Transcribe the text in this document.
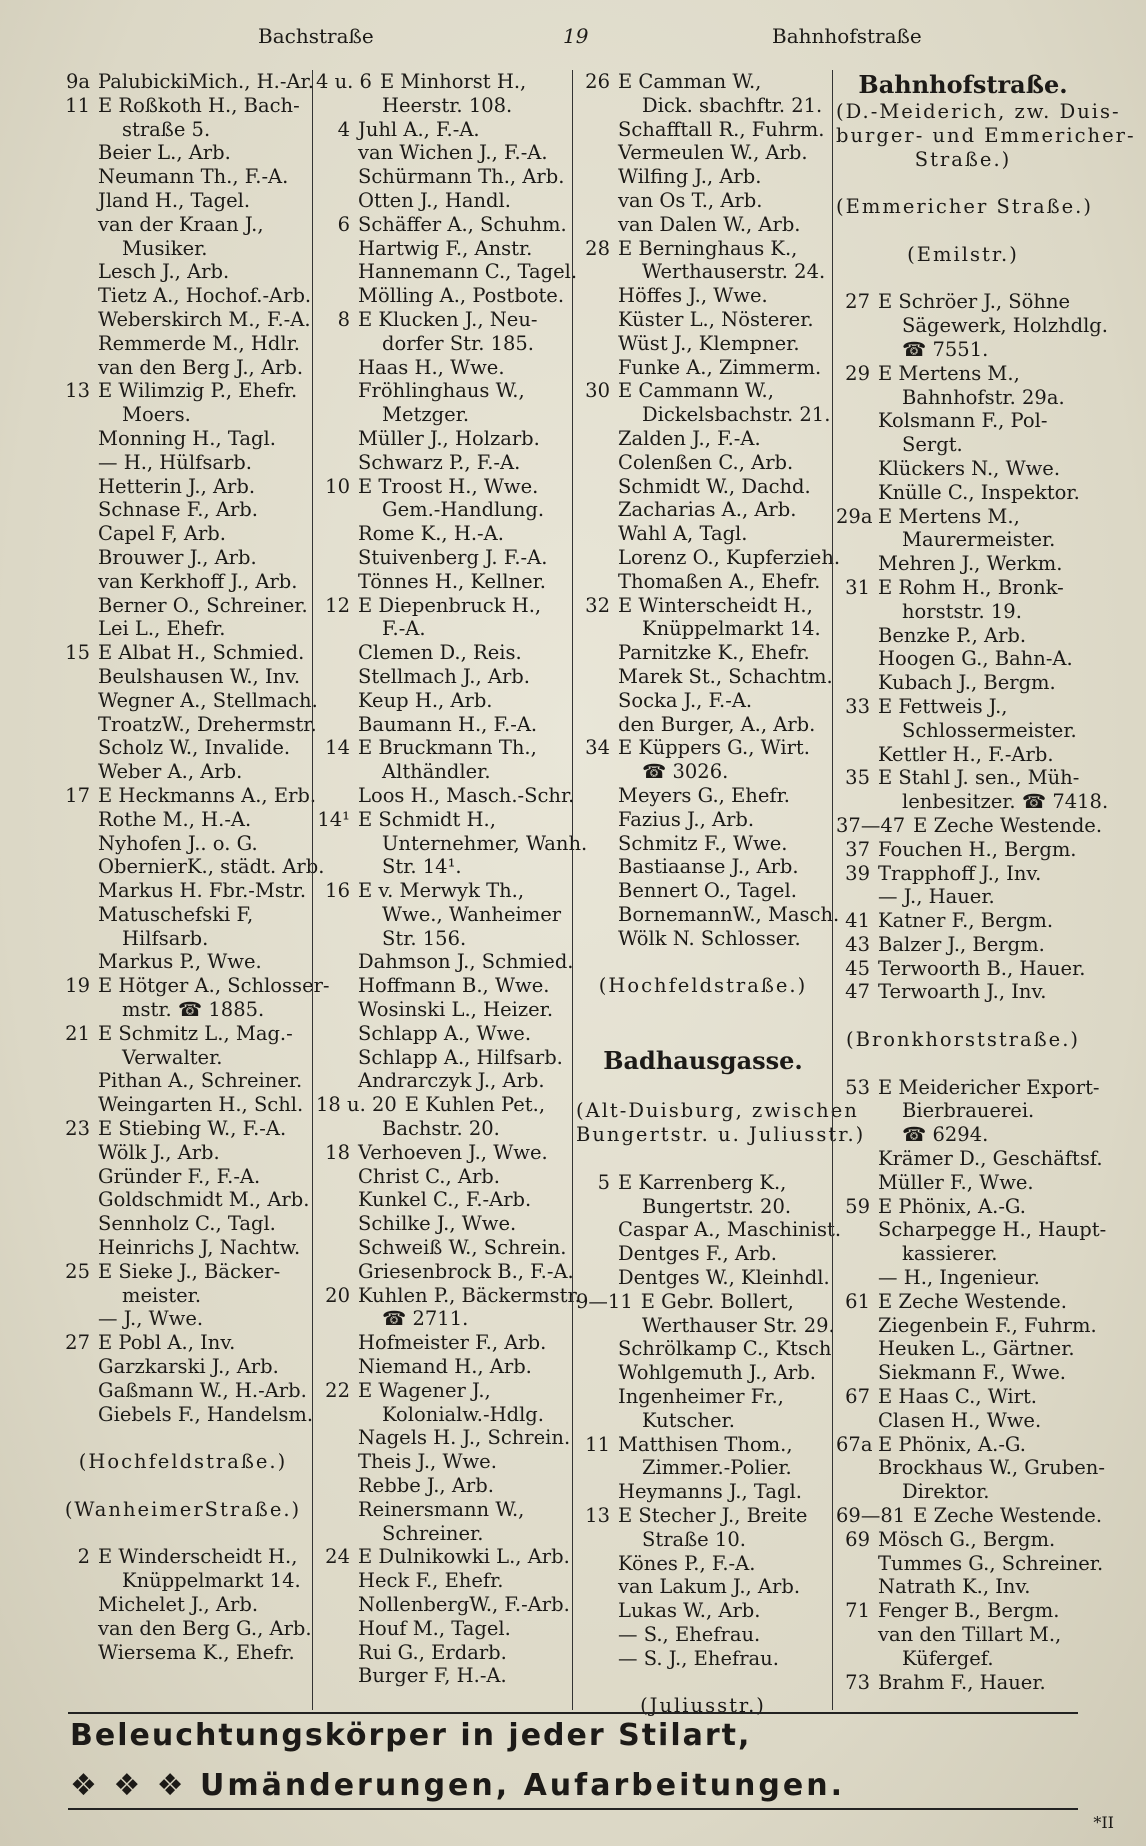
Bachstraße	19	Bahnhofstraße
9a PalubickiMich., H.-Ar.
11 E Roßkoth H., Bach-
straße 5.
Beier L., Arb.
Neumann Th., F.-A.
Jland H., Tagel.
van der Kraan J.,
Musiker.
Lesch J., Arb.
Tietz A., Hochof.-Arb.
Weberskirch M., F.-A.
Remmerde M., Hdlr.
van den Berg J., Arb.
13 E Wilimzig P., Ehefr.
Moers.
Monning H., Tagl.
— H., Hülfsarb.
Hetterin J., Arb.
Schnase F., Arb.
Capel F, Arb.
Brouwer J., Arb.
van Kerkhoff J., Arb.
Berner O., Schreiner.
Lei L., Ehefr.
15 E Albat H., Schmied.
Beulshausen W., Inv.
Wegner A., Stellmach.
TroatzW., Drehermstr.
Scholz W., Invalide.
Weber A., Arb.
17 E Heckmanns A., Erb.
Rothe M., H.-A.
Nyhofen J.. o. G.
ObernierK., städt. Arb.
Markus H. Fbr.-Mstr.
Matuschefski F,
Hilfsarb.
Markus P., Wwe.
19 E Hötger A., Schlosser-
mstr. ☎ 1885.
21 E Schmitz L., Mag.-
Verwalter.
Pithan A., Schreiner.
Weingarten H., Schl.
23 E Stiebing W., F.-A.
Wölk J., Arb.
Gründer F., F.-A.
Goldschmidt M., Arb.
Sennholz C., Tagl.
Heinrichs J, Nachtw.
25 E Sieke J., Bäcker-
meister.
— J., Wwe.
27 E Pobl A., Inv.
Garzkarski J., Arb.
Gaßmann W., H.-Arb.
Giebels F., Handelsm.
(Hochfeldstraße.)
(WanheimerStraße.)
2 E Winderscheidt H.,
Knüppelmarkt 14.
Michelet J., Arb.
van den Berg G., Arb.
Wiersema K., Ehefr.
4 u. 6 E Minhorst H.,
Heerstr. 108.
4 Juhl A., F.-A.
van Wichen J., F.-A.
Schürmann Th., Arb.
Otten J., Handl.
6 Schäffer A., Schuhm.
Hartwig F., Anstr.
Hannemann C., Tagel.
Mölling A., Postbote.
8 E Klucken J., Neu-
dorfer Str. 185.
Haas H., Wwe.
Fröhlinghaus W.,
Metzger.
Müller J., Holzarb.
Schwarz P., F.-A.
10 E Troost H., Wwe.
Gem.-Handlung.
Rome K., H.-A.
Stuivenberg J. F.-A.
Tönnes H., Kellner.
12 E Diepenbruck H.,
F.-A.
Clemen D., Reis.
Stellmach J., Arb.
Keup H., Arb.
Baumann H., F.-A.
14 E Bruckmann Th.,
Althändler.
Loos H., Masch.-Schr.
14¹ E Schmidt H.,
Unternehmer, Wanh.
Str. 14¹.
16 E v. Merwyk Th.,
Wwe., Wanheimer
Str. 156.
Dahmson J., Schmied.
Hoffmann B., Wwe.
Wosinski L., Heizer.
Schlapp A., Wwe.
Schlapp A., Hilfsarb.
Andrarczyk J., Arb.
18 u. 20 E Kuhlen Pet.,
Bachstr. 20.
18 Verhoeven J., Wwe.
Christ C., Arb.
Kunkel C., F.-Arb.
Schilke J., Wwe.
Schweiß W., Schrein.
Griesenbrock B., F.-A.
20 Kuhlen P., Bäckermstr.
☎ 2711.
Hofmeister F., Arb.
Niemand H., Arb.
22 E Wagener J.,
Kolonialw.-Hdlg.
Nagels H. J., Schrein.
Theis J., Wwe.
Rebbe J., Arb.
Reinersmann W.,
Schreiner.
24 E Dulnikowki L., Arb.
Heck F., Ehefr.
NollenbergW., F.-Arb.
Houf M., Tagel.
Rui G., Erdarb.
Burger F, H.-A.
26 E Camman W.,
Dick. sbachftr. 21.
Schafftall R., Fuhrm.
Vermeulen W., Arb.
Wilfing J., Arb.
van Os T., Arb.
van Dalen W., Arb.
28 E Berninghaus K.,
Werthauserstr. 24.
Höffes J., Wwe.
Küster L., Nösterer.
Wüst J., Klempner.
Funke A., Zimmerm.
30 E Cammann W.,
Dickelsbachstr. 21.
Zalden J., F.-A.
Colenßen C., Arb.
Schmidt W., Dachd.
Zacharias A., Arb.
Wahl A, Tagl.
Lorenz O., Kupferzieh.
Thomaßen A., Ehefr.
32 E Winterscheidt H.,
Knüppelmarkt 14.
Parnitzke K., Ehefr.
Marek St., Schachtm.
Socka J., F.-A.
den Burger, A., Arb.
34 E Küppers G., Wirt.
☎ 3026.
Meyers G., Ehefr.
Fazius J., Arb.
Schmitz F., Wwe.
Bastiaanse J., Arb.
Bennert O., Tagel.
BornemannW., Masch.
Wölk N. Schlosser.
(Hochfeldstraße.)
Badhausgasse.
(Alt-Duisburg, zwischen
Bungertstr. u. Juliusstr.)
5 E Karrenberg K.,
Bungertstr. 20.
Caspar A., Maschinist.
Dentges F., Arb.
Dentges W., Kleinhdl.
9—11 E Gebr. Bollert,
Werthauser Str. 29.
Schrölkamp C., Ktsch
Wohlgemuth J., Arb.
Ingenheimer Fr.,
Kutscher.
11 Matthisen Thom.,
Zimmer.-Polier.
Heymanns J., Tagl.
13 E Stecher J., Breite
Straße 10.
Könes P., F.-A.
van Lakum J., Arb.
Lukas W., Arb.
— S., Ehefrau.
— S. J., Ehefrau.
(Juliusstr.)
Bahnhofstraße.
(D.-Meiderich, zw. Duis-
burger- und Emmericher-
Straße.)
(Emmericher Straße.)
(Emilstr.)
27 E Schröer J., Söhne
Sägewerk, Holzhdlg.
☎ 7551.
29 E Mertens M.,
Bahnhofstr. 29a.
Kolsmann F., Pol-
Sergt.
Klückers N., Wwe.
Knülle C., Inspektor.
29a E Mertens M.,
Maurermeister.
Mehren J., Werkm.
31 E Rohm H., Bronk-
horststr. 19.
Benzke P., Arb.
Hoogen G., Bahn-A.
Kubach J., Bergm.
33 E Fettweis J.,
Schlossermeister.
Kettler H., F.-Arb.
35 E Stahl J. sen., Müh-
lenbesitzer. ☎ 7418.
37—47 E Zeche Westende.
37 Fouchen H., Bergm.
39 Trapphoff J., Inv.
— J., Hauer.
41 Katner F., Bergm.
43 Balzer J., Bergm.
45 Terwoorth B., Hauer.
47 Terwoarth J., Inv.
(Bronkhorststraße.)
53 E Meidericher Export-
Bierbrauerei.
☎ 6294.
Krämer D., Geschäftsf.
Müller F., Wwe.
59 E Phönix, A.-G.
Scharpegge H., Haupt-
kassierer.
— H., Ingenieur.
61 E Zeche Westende.
Ziegenbein F., Fuhrm.
Heuken L., Gärtner.
Siekmann F., Wwe.
67 E Haas C., Wirt.
Clasen H., Wwe.
67a E Phönix, A.-G.
Brockhaus W., Gruben-
Direktor.
69—81 E Zeche Westende.
69 Mösch G., Bergm.
Tummes G., Schreiner.
Natrath K., Inv.
71 Fenger B., Bergm.
van den Tillart M.,
Küfergef.
73 Brahm F., Hauer.
Beleuchtungskörper in jeder Stilart,
❖ ❖ ❖ Umänderungen, Aufarbeitungen.
*II
